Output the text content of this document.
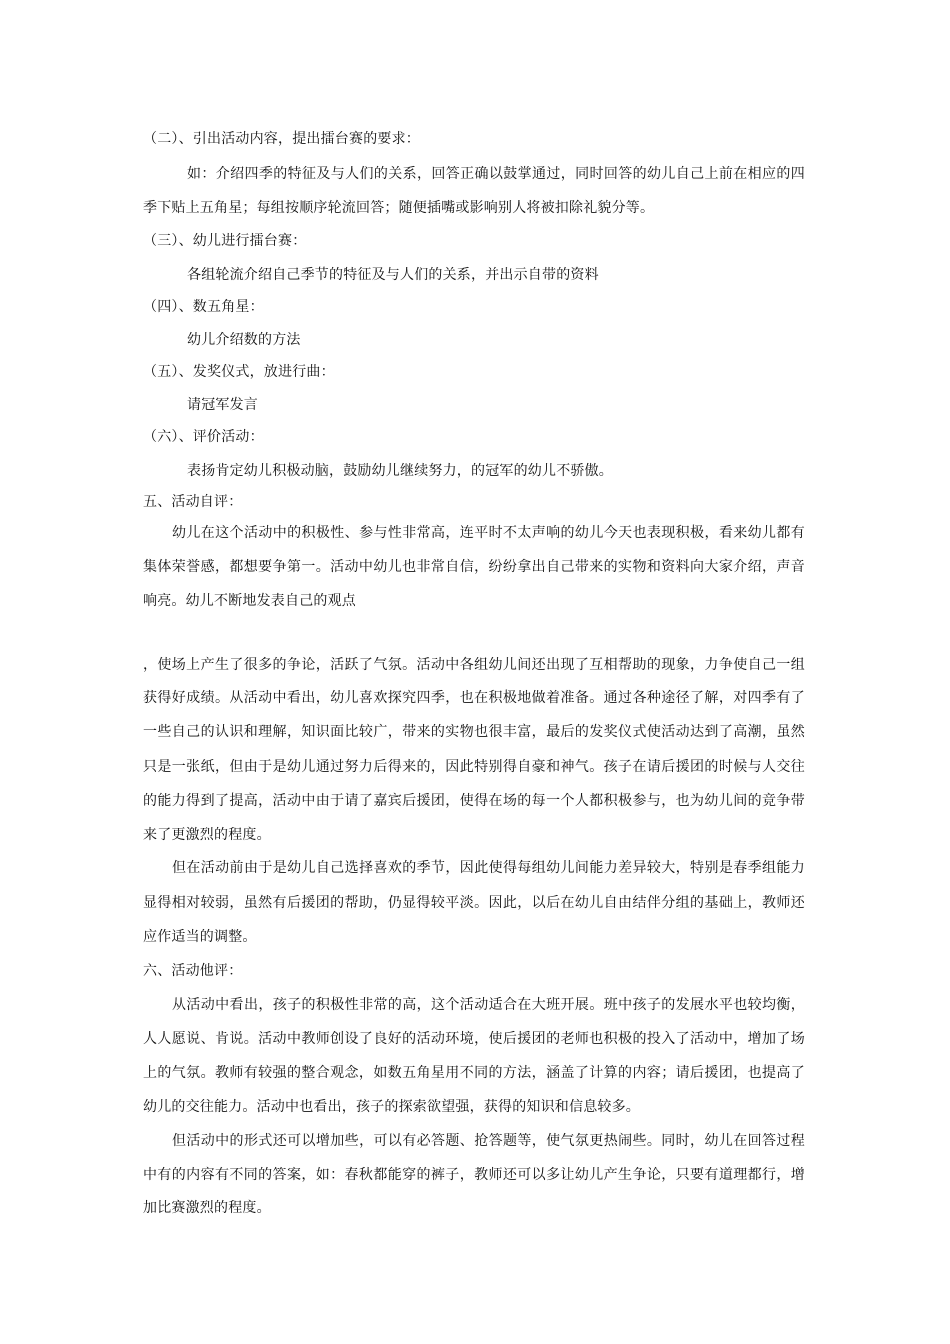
（二）、引出活动内容，提出擂台赛的要求：

如：介绍四季的特征及与人们的关系，回答正确以鼓掌通过，同时回答的幼儿自己上前在相应的四

季下贴上五角星；每组按顺序轮流回答；随便插嘴或影响别人将被扣除礼貌分等。

（三）、幼儿进行擂台赛：

各组轮流介绍自己季节的特征及与人们的关系，并出示自带的资料

（四）、数五角星：

幼儿介绍数的方法

（五）、发奖仪式，放进行曲：

请冠军发言

（六）、评价活动：

表扬肯定幼儿积极动脑，鼓励幼儿继续努力，的冠军的幼儿不骄傲。

五、活动自评：

幼儿在这个活动中的积极性、参与性非常高，连平时不太声响的幼儿今天也表现积极，看来幼儿都有

集体荣誉感，都想要争第一。活动中幼儿也非常自信，纷纷拿出自己带来的实物和资料向大家介绍，声音

响亮。幼儿不断地发表自己的观点

，使场上产生了很多的争论，活跃了气氛。活动中各组幼儿间还出现了互相帮助的现象，力争使自己一组

获得好成绩。从活动中看出，幼儿喜欢探究四季，也在积极地做着准备。通过各种途径了解，对四季有了

一些自己的认识和理解，知识面比较广，带来的实物也很丰富，最后的发奖仪式使活动达到了高潮，虽然

只是一张纸，但由于是幼儿通过努力后得来的，因此特别得自豪和神气。孩子在请后援团的时候与人交往

的能力得到了提高，活动中由于请了嘉宾后援团，使得在场的每一个人都积极参与，也为幼儿间的竞争带

来了更激烈的程度。

但在活动前由于是幼儿自己选择喜欢的季节，因此使得每组幼儿间能力差异较大，特别是春季组能力

显得相对较弱，虽然有后援团的帮助，仍显得较平淡。因此，以后在幼儿自由结伴分组的基础上，教师还

应作适当的调整。

六、活动他评：

从活动中看出，孩子的积极性非常的高，这个活动适合在大班开展。班中孩子的发展水平也较均衡，

人人愿说、肯说。活动中教师创设了良好的活动环境，使后援团的老师也积极的投入了活动中，增加了场

上的气氛。教师有较强的整合观念，如数五角星用不同的方法，涵盖了计算的内容；请后援团，也提高了

幼儿的交往能力。活动中也看出，孩子的探索欲望强，获得的知识和信息较多。

但活动中的形式还可以增加些，可以有必答题、抢答题等，使气氛更热闹些。同时，幼儿在回答过程

中有的内容有不同的答案，如：春秋都能穿的裤子，教师还可以多让幼儿产生争论，只要有道理都行，增

加比赛激烈的程度。
